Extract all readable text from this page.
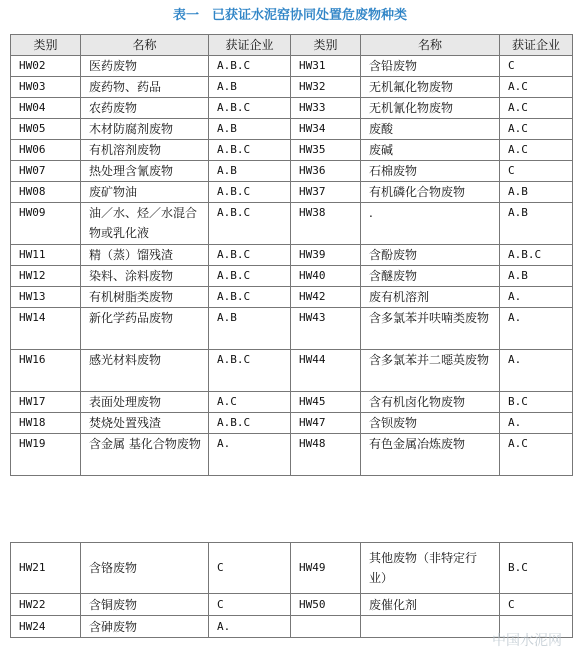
表一　已获证水泥窑协同处置危废物种类
类别	名称	获证企业	类别	名称	获证企业
HW02	医药废物	A.B.C	HW31	含铅废物	C
HW03	废药物、药品	A.B	HW32	无机氟化物废物	A.C
HW04	农药废物	A.B.C	HW33	无机氰化物废物	A.C
HW05	木材防腐剂废物	A.B	HW34	废酸	A.C
HW06	有机溶剂废物	A.B.C	HW35	废碱	A.C
HW07	热处理含氰废物	A.B	HW36	石棉废物	C
HW08	废矿物油	A.B.C	HW37	有机磷化合物废物	A.B
HW09	油／水、烃／水混合物或乳化液	A.B.C	HW38	.	A.B
HW11	精（蒸）馏残渣	A.B.C	HW39	含酚废物	A.B.C
HW12	染料、涂料废物	A.B.C	HW40	含醚废物	A.B
HW13	有机树脂类废物	A.B.C	HW42	废有机溶剂	A.
HW14	新化学药品废物	A.B	HW43	含多氯苯并呋喃类废物	A.
HW16	感光材料废物	A.B.C	HW44	含多氯苯并二噁英废物	A.
HW17	表面处理废物	A.C	HW45	含有机卤化物废物	B.C
HW18	焚烧处置残渣	A.B.C	HW47	含钡废物	A.
HW19	含金属 基化合物废物	A.	HW48	有色金属冶炼废物	A.C
HW21	含铬废物	C	HW49	其他废物（非特定行业）	B.C
HW22	含铜废物	C	HW50	废催化剂	C
HW24	含砷废物	A.			
中国水泥网
